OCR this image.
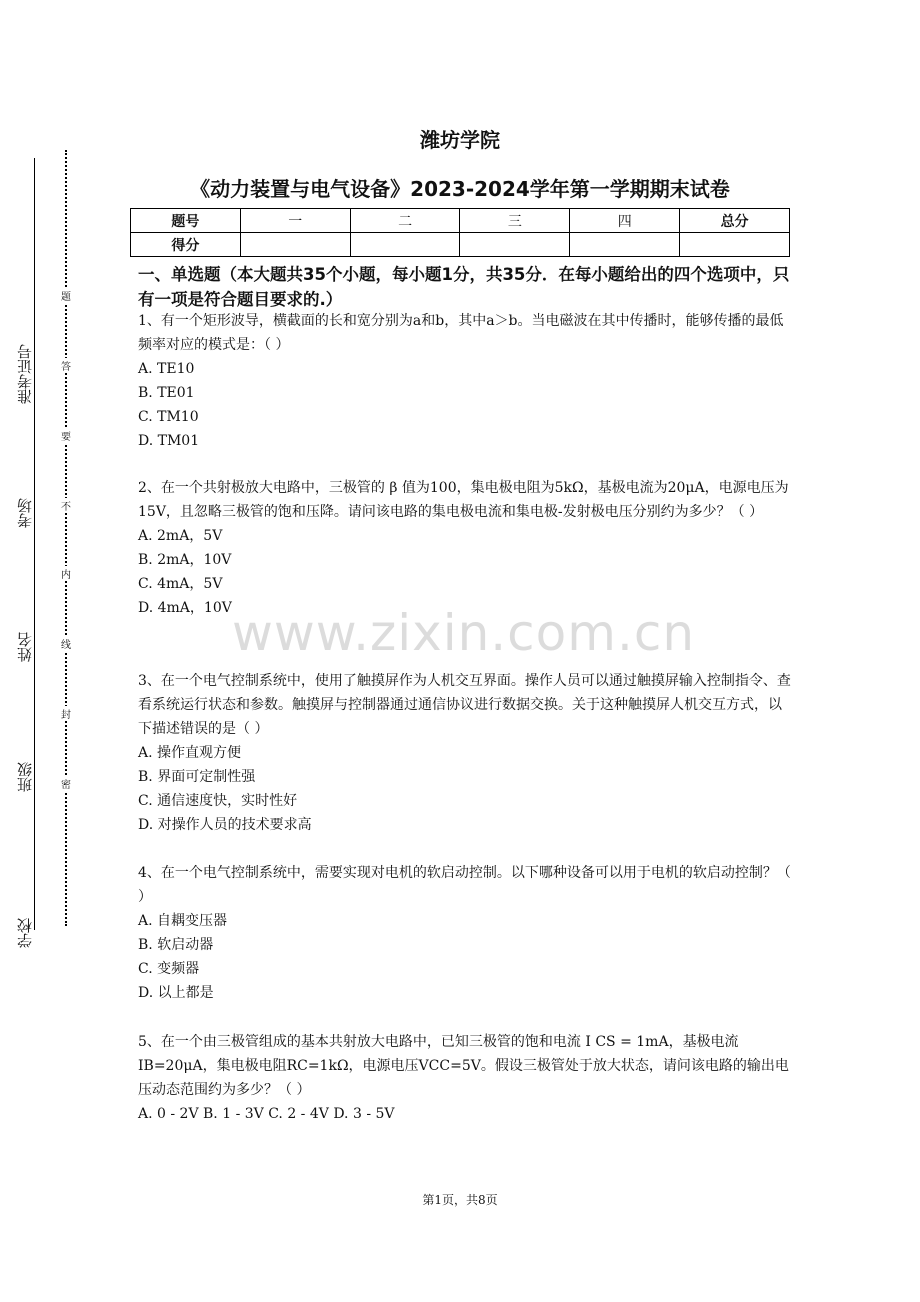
准考证号
考场
姓名
班级
学校
题
答
要
不
内
线
封
密
潍坊学院
《动力装置与电气设备》2023-2024学年第一学期期末试卷
题号	一	二	三	四	总分
得分					
一、单选题（本大题共35个小题，每小题1分，共35分．在每小题给出的四个选项中，只有一项是符合题目要求的.）
www.zixin.com.cn

1、有一个矩形波导，横截面的长和宽分别为a和b，其中a＞b。当电磁波在其中传播时，能够传播的最低频率对应的模式是：（ ）

A. TE10

B. TE01

C. TM10

D. TM01

2、在一个共射极放大电路中，三极管的 β 值为100，集电极电阻为5kΩ，基极电流为20μA，电源电压为15V，且忽略三极管的饱和压降。请问该电路的集电极电流和集电极-发射极电压分别约为多少？（ ）

A. 2mA，5V

B. 2mA，10V

C. 4mA，5V

D. 4mA，10V

3、在一个电气控制系统中，使用了触摸屏作为人机交互界面。操作人员可以通过触摸屏输入控制指令、查看系统运行状态和参数。触摸屏与控制器通过通信协议进行数据交换。关于这种触摸屏人机交互方式，以下描述错误的是（ ）

A. 操作直观方便

B. 界面可定制性强

C. 通信速度快，实时性好

D. 对操作人员的技术要求高

4、在一个电气控制系统中，需要实现对电机的软启动控制。以下哪种设备可以用于电机的软启动控制？（ ）

A. 自耦变压器

B. 软启动器

C. 变频器

D. 以上都是

5、在一个由三极管组成的基本共射放大电路中，已知三极管的饱和电流 I CS = 1mA，基极电流IB=20μA，集电极电阻RC=1kΩ，电源电压VCC=5V。假设三极管处于放大状态，请问该电路的输出电压动态范围约为多少？（ ）

A. 0 - 2V B. 1 - 3V C. 2 - 4V D. 3 - 5V

第1页，共8页
